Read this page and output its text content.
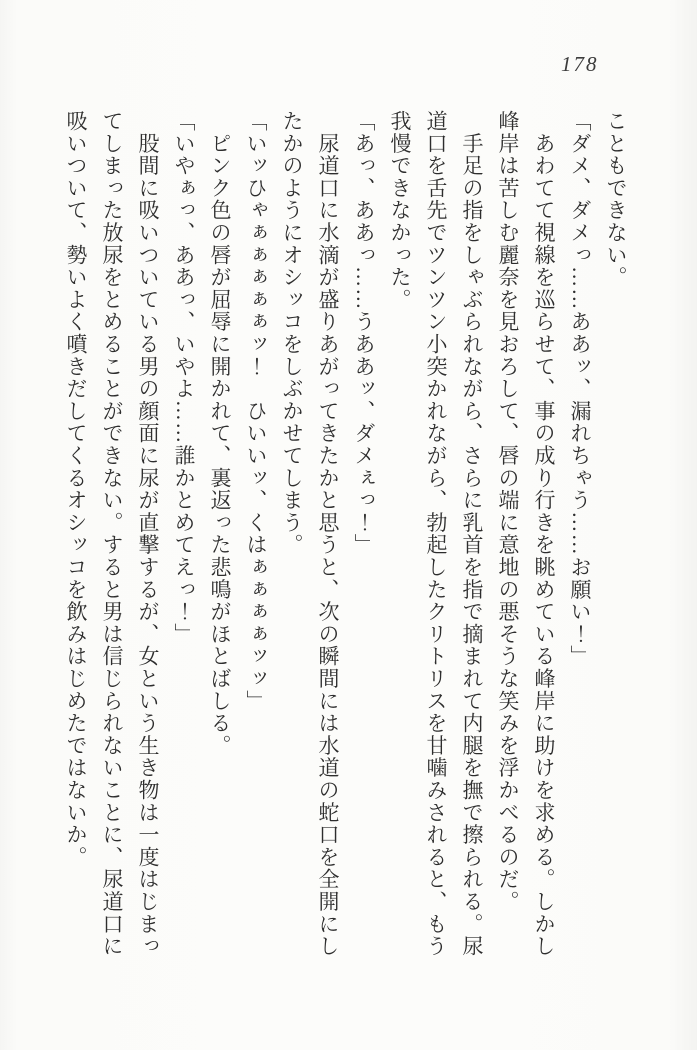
178

こともできない。

「ダメ、ダメっ……ああッ、漏れちゃう……お願い！」

　あわてて視線を巡らせて、事の成り行きを眺めている峰岸に助けを求める。しかし

峰岸は苦しむ麗奈を見おろして、唇の端に意地の悪そうな笑みを浮かべるのだ。

　手足の指をしゃぶられながら、さらに乳首を指で摘まれて内腿を撫で擦られる。尿

道口を舌先でツンツン小突かれながら、勃起したクリトリスを甘噛みされると、もう

我慢できなかった。

「あっ、ああっ……うああッ、ダメぇっ！」

　尿道口に水滴が盛りあがってきたかと思うと、次の瞬間には水道の蛇口を全開にし

たかのようにオシッコをしぶかせてしまう。

「いッひゃぁぁぁぁぁッ！　ひいいッ、くはぁぁぁぁッッ」

　ピンク色の唇が屈辱に開かれて、裏返った悲鳴がほとばしる。

「いやぁっ、ああっ、いやよ……誰かとめてえっ！」

　股間に吸いついている男の顔面に尿が直撃するが、女という生き物は一度はじまっ

てしまった放尿をとめることができない。すると男は信じられないことに、尿道口に

吸いついて、勢いよく噴きだしてくるオシッコを飲みはじめたではないか。
